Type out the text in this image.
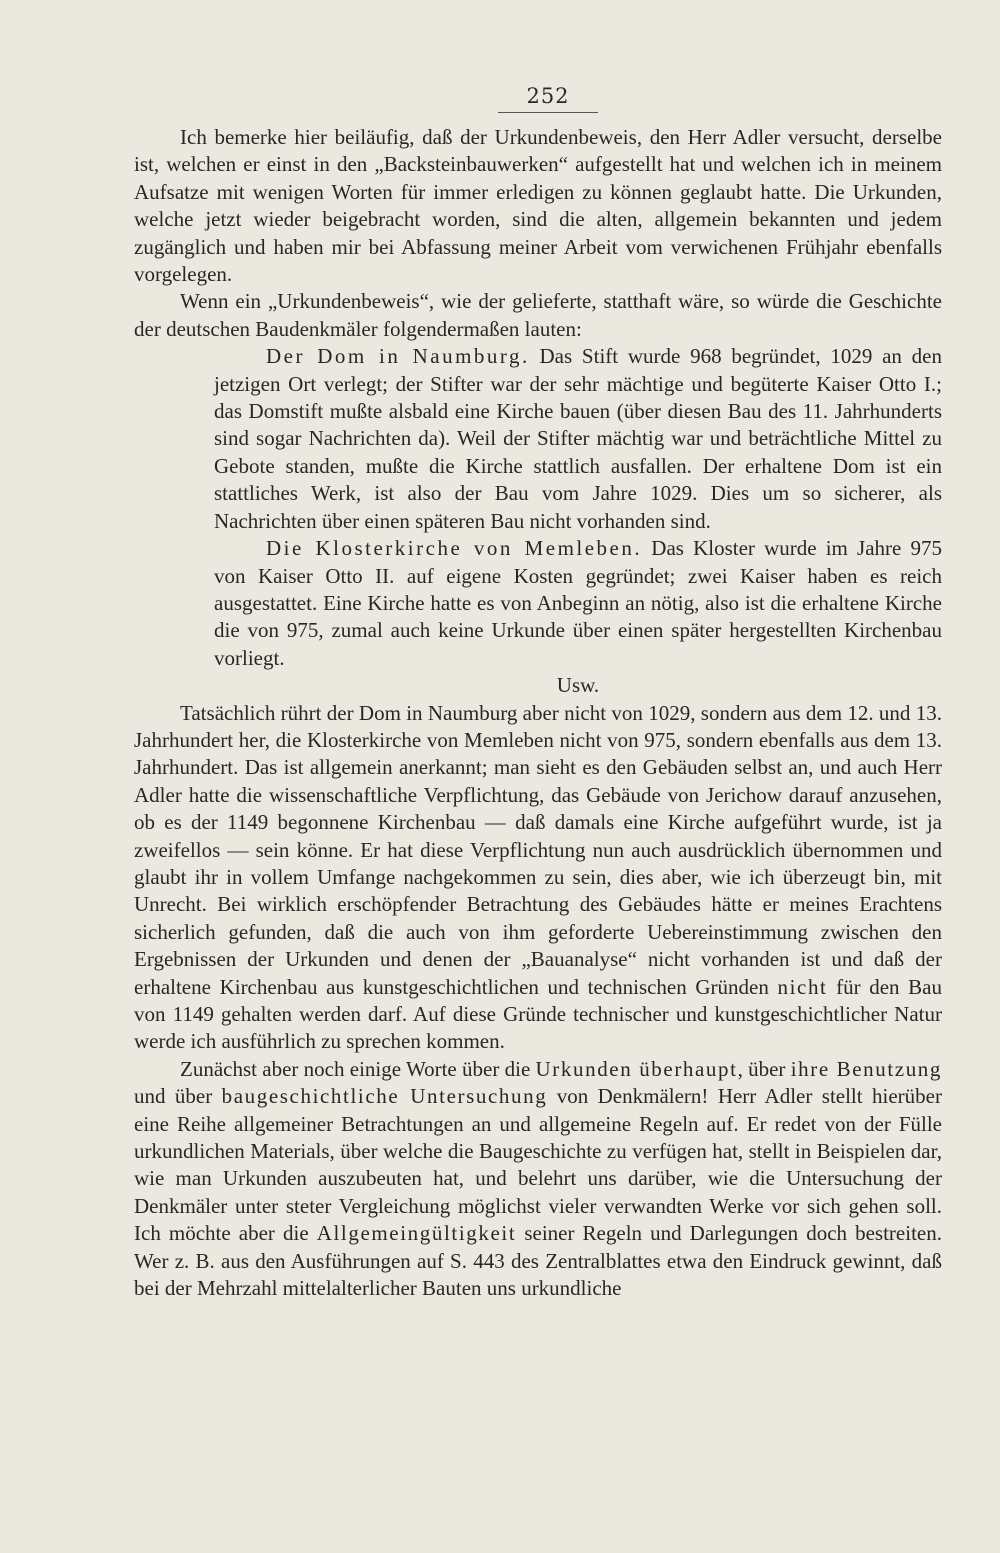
252

Ich bemerke hier beiläufig, daß der Urkundenbeweis, den Herr Adler versucht, derselbe ist, welchen er einst in den „Backsteinbauwerken“ aufgestellt hat und welchen ich in meinem Aufsatze mit wenigen Worten für immer erledigen zu können geglaubt hatte. Die Urkunden, welche jetzt wieder beigebracht worden, sind die alten, allgemein bekannten und jedem zugänglich und haben mir bei Abfassung meiner Arbeit vom verwichenen Frühjahr ebenfalls vorgelegen.

Wenn ein „Urkundenbeweis“, wie der gelieferte, statthaft wäre, so würde die Geschichte der deutschen Baudenkmäler folgendermaßen lauten:

Der Dom in Naumburg. Das Stift wurde 968 begründet, 1029 an den jetzigen Ort verlegt; der Stifter war der sehr mächtige und begüterte Kaiser Otto I.; das Domstift mußte alsbald eine Kirche bauen (über diesen Bau des 11. Jahrhunderts sind sogar Nachrichten da). Weil der Stifter mächtig war und beträchtliche Mittel zu Gebote standen, mußte die Kirche stattlich ausfallen. Der erhaltene Dom ist ein stattliches Werk, ist also der Bau vom Jahre 1029. Dies um so sicherer, als Nachrichten über einen späteren Bau nicht vorhanden sind.

Die Klosterkirche von Memleben. Das Kloster wurde im Jahre 975 von Kaiser Otto II. auf eigene Kosten gegründet; zwei Kaiser haben es reich ausgestattet. Eine Kirche hatte es von Anbeginn an nötig, also ist die erhaltene Kirche die von 975, zumal auch keine Urkunde über einen später hergestellten Kirchenbau vorliegt.

Usw.

Tatsächlich rührt der Dom in Naumburg aber nicht von 1029, sondern aus dem 12. und 13. Jahrhundert her, die Klosterkirche von Memleben nicht von 975, sondern ebenfalls aus dem 13. Jahrhundert. Das ist allgemein anerkannt; man sieht es den Gebäuden selbst an, und auch Herr Adler hatte die wissenschaftliche Verpflichtung, das Gebäude von Jerichow darauf anzusehen, ob es der 1149 begonnene Kirchenbau — daß damals eine Kirche aufgeführt wurde, ist ja zweifellos — sein könne. Er hat diese Verpflichtung nun auch ausdrücklich übernommen und glaubt ihr in vollem Umfange nachgekommen zu sein, dies aber, wie ich überzeugt bin, mit Unrecht. Bei wirklich erschöpfender Betrachtung des Gebäudes hätte er meines Erachtens sicherlich gefunden, daß die auch von ihm geforderte Uebereinstimmung zwischen den Ergebnissen der Urkunden und denen der „Bauanalyse“ nicht vorhanden ist und daß der erhaltene Kirchenbau aus kunstgeschichtlichen und technischen Gründen nicht für den Bau von 1149 gehalten werden darf. Auf diese Gründe technischer und kunstgeschichtlicher Natur werde ich ausführlich zu sprechen kommen.

Zunächst aber noch einige Worte über die Urkunden überhaupt, über ihre Benutzung und über baugeschichtliche Untersuchung von Denkmälern! Herr Adler stellt hierüber eine Reihe allgemeiner Betrachtungen an und allgemeine Regeln auf. Er redet von der Fülle urkundlichen Materials, über welche die Baugeschichte zu verfügen hat, stellt in Beispielen dar, wie man Urkunden auszubeuten hat, und belehrt uns darüber, wie die Untersuchung der Denkmäler unter steter Vergleichung möglichst vieler verwandten Werke vor sich gehen soll. Ich möchte aber die Allgemeingültigkeit seiner Regeln und Darlegungen doch bestreiten. Wer z. B. aus den Ausführungen auf S. 443 des Zentralblattes etwa den Eindruck gewinnt, daß bei der Mehrzahl mittelalterlicher Bauten uns urkundliche
